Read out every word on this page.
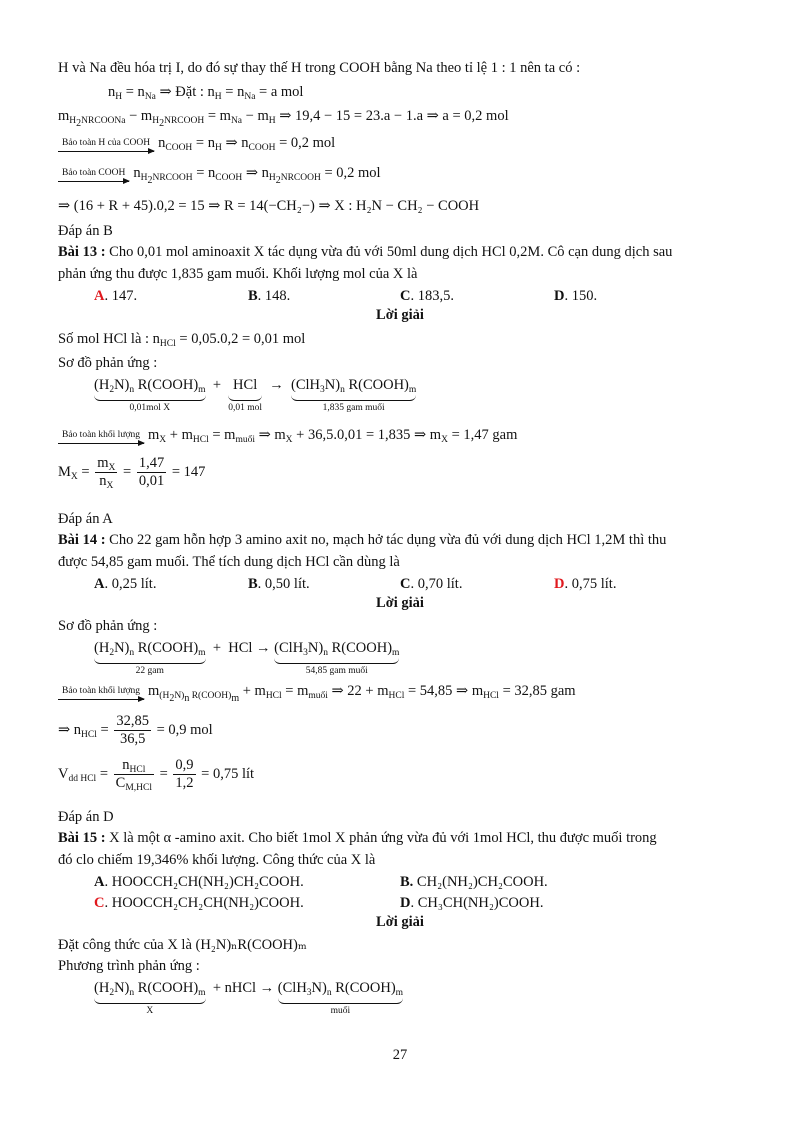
H và Na đều hóa trị I, do đó sự thay thế H trong COOH bằng Na theo tỉ lệ 1 : 1 nên ta có :
$n_H = n_{Na}$ ⇒ Đặt : $n_H = n_{Na} = a$ mol
$m_{H_2NRCOONa} - m_{H_2NRCOOH} = m_{Na} - m_H$ ⇒ 19,4 − 15 = 23.a − 1.a ⇒ a = 0,2 mol
Bảo toàn H của COOH $n_{COOH} = n_H$ ⇒ $n_{COOH} = 0,2$ mol
Bảo toàn COOH $n_{H_2NRCOOH} = n_{COOH}$ ⇒ $n_{H_2NRCOOH} = 0,2$ mol
⇒ (16 + R + 45).0,2 = 15 ⇒ R = 14(−CH₂−) ⇒ X : H₂N − CH₂ − COOH
Đáp án B
Bài 13 : Cho 0,01 mol aminoaxit X tác dụng vừa đủ với 50ml dung dịch HCl 0,2M. Cô cạn dung dịch sau
phản ứng thu được 1,835 gam muối. Khối lượng mol của X là
A. 147.	B. 148.	C. 183,5.	D. 150.
Lời giải
Số mol HCl là : $n_{HCl} = 0,05.0,2 = 0,01$ mol
Sơ đồ phản ứng :
$(H_2N)_n$ $R(COOH)_m$
0,01mol X
+ HCl
0,01 mol
→ $(ClH_3N)_n$ $R(COOH)_m$
1,835 gam muối
Bảo toàn khối lượng $m_X + m_{HCl} = m_{muối}$ ⇒ $m_X + 36,5.0,01 = 1,835$ ⇒ $m_X = 1,47$ gam
$M_X = \frac{m_X}{n_X} = \frac{1,47}{0,01} = 147$
Đáp án A
Bài 14 : Cho 22 gam hỗn hợp 3 amino axit no, mạch hở tác dụng vừa đủ với dung dịch HCl 1,2M thì thu
được 54,85 gam muối. Thể tích dung dịch HCl cần dùng là
A. 0,25 lít.	B. 0,50 lít.	C. 0,70 lít.	D. 0,75 lít.
Lời giải
Sơ đồ phản ứng :
$(H_2N)_n$ $R(COOH)_m$
22 gam
+  HCl → $(ClH_3N)_n$ $R(COOH)_m$
54,85 gam muối
Bảo toàn khối lượng $m_{(H_2N)_n R(COOH)_m} + m_{HCl} = m_{muối}$ ⇒ $22 + m_{HCl} = 54,85$ ⇒ $m_{HCl} = 32,85$ gam
⇒ $n_{HCl} = \frac{32,85}{36,5} = 0,9$ mol
$V_{dd HCl} = \frac{n_{HCl}}{C_{M,HCl}} = \frac{0,9}{1,2} = 0,75$ lít
Đáp án D
Bài 15 : X là một α -amino axit. Cho biết 1mol X phản ứng vừa đủ với 1mol HCl, thu được muối trong
đó clo chiếm 19,346% khối lượng. Công thức của X là
A. HOOCCH₂CH(NH₂)CH₂COOH.	B. CH₂(NH₂)CH₂COOH.
C. HOOCCH₂CH₂CH(NH₂)COOH.	D. CH₃CH(NH₂)COOH.
Lời giải
Đặt công thức của X là (H₂N)ₙR(COOH)ₘ
Phương trình phản ứng :
$(H_2N)_n$ $R(COOH)_m$
X
+ nHCl → $(ClH_3N)_n$ $R(COOH)_m$
muối
27
